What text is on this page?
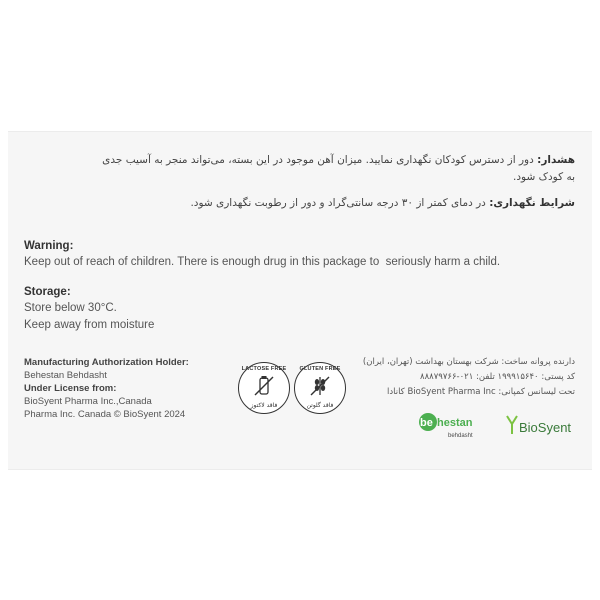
هشدار: دور از دسترس کودکان نگهداری نمایید. میزان آهن موجود در این بسته، می‌تواند منجر به آسیب جدی
به کودک شود.
شرایط نگهداری: در دمای کمتر از ۳۰ درجه سانتی‌گراد و دور از رطوبت نگهداری شود.
Warning:
Keep out of reach of children. There is enough drug in this package to  seriously harm a child.
Storage:
Store below 30°C.
Keep away from moisture
Manufacturing Authorization Holder:
Behestan Behdasht
Under License from:
BioSyent Pharma Inc.,Canada
Pharma Inc. Canada © BioSyent 2024
LACTOSE FREE
فاقد لاکتوز
GLUTEN FREE
فاقد گلوتن
دارنده پروانه ساخت: شرکت بهستان بهداشت (تهران، ایران)
کد پستی: ۱۹۹۹۱۵۶۴۰ تلفن: ۰۲۱-۸۸۸۷۹۷۶۶
تحت لیسانس کمپانی: BioSyent Pharma Inc کانادا
be hestan
behdasht
BioSyent
